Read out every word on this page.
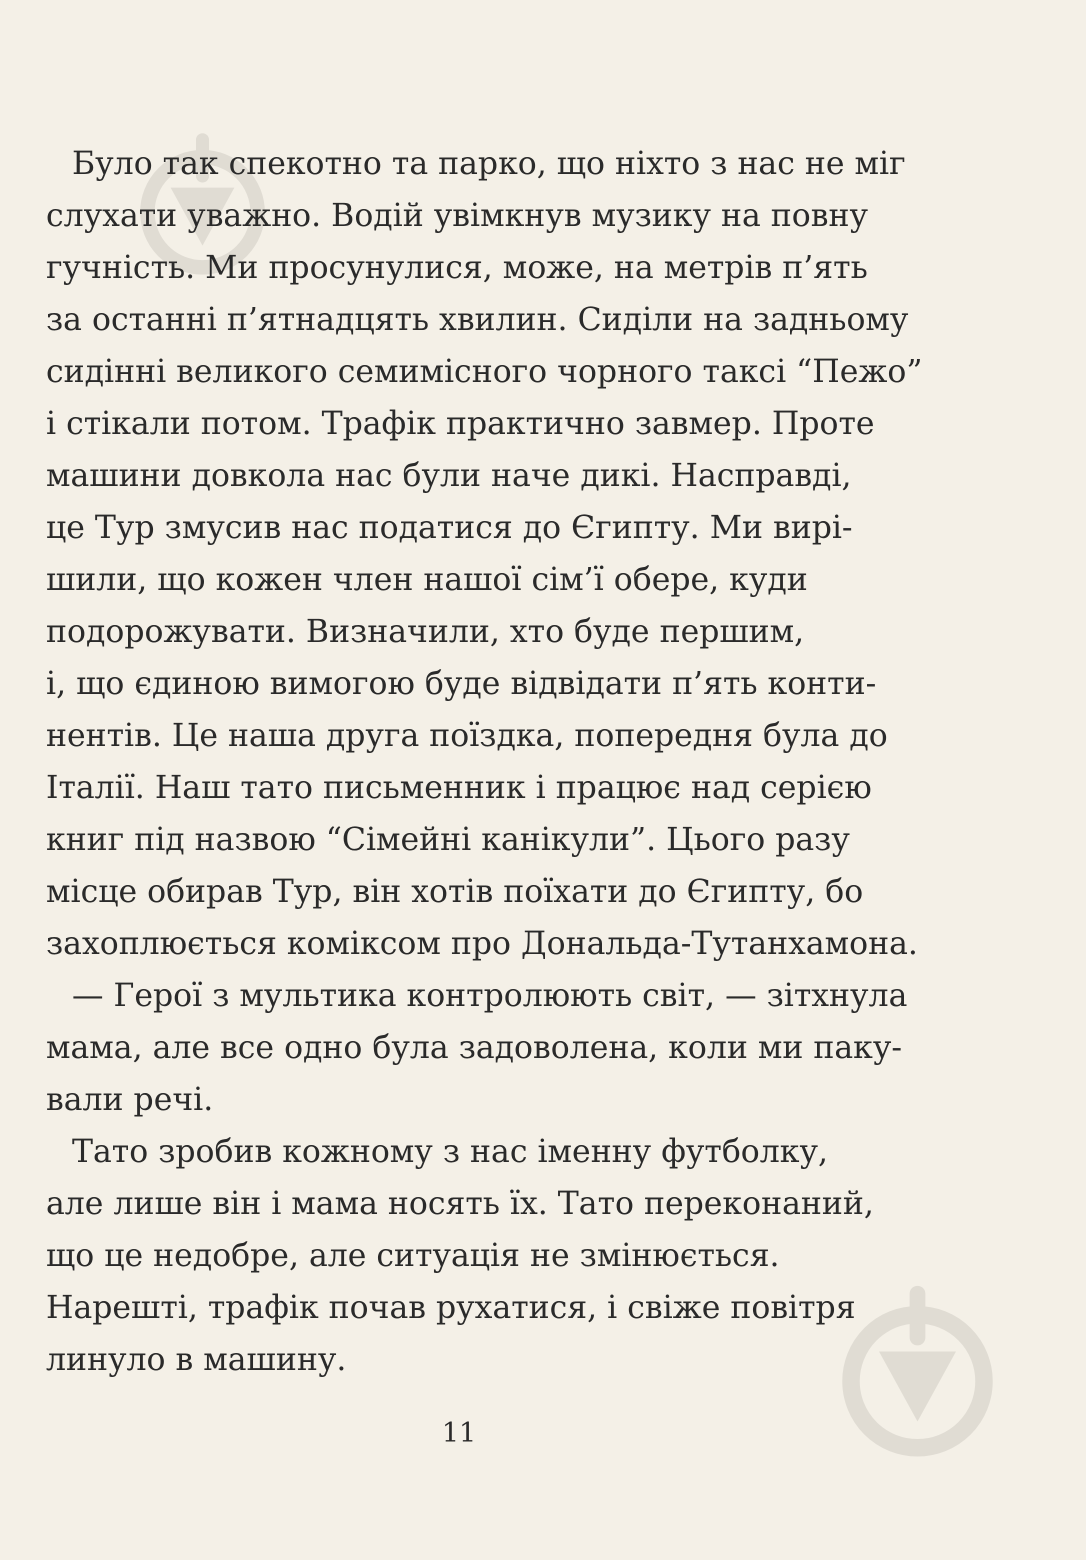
Було так спекотно та парко, що ніхто з нас не міг
слухати уважно. Водій увімкнув музику на повну
гучність. Ми просунулися, може, на метрів п’ять
за останні п’ятнадцять хвилин. Сиділи на задньому
сидінні великого семимісного чорного таксі “Пежо”
і стікали потом. Трафік практично завмер. Проте
машини довкола нас були наче дикі. Насправді,
це Тур змусив нас податися до Єгипту. Ми вирі-
шили, що кожен член нашої сім’ї обере, куди
подорожувати. Визначили, хто буде першим,
і, що єдиною вимогою буде відвідати п’ять конти-
нентів. Це наша друга поїздка, попередня була до
Італії. Наш тато письменник і працює над серією
книг під назвою “Сімейні канікули”. Цього разу
місце обирав Тур, він хотів поїхати до Єгипту, бо
захоплюється коміксом про Дональда-Тутанхамона.
— Герої з мультика контролюють світ, — зітхнула
мама, але все одно була задоволена, коли ми паку-
вали речі.
Тато зробив кожному з нас іменну футболку,
але лише він і мама носять їх. Тато переконаний,
що це недобре, але ситуація не змінюється.
Нарешті, трафік почав рухатися, і свіже повітря
линуло в машину.
11
